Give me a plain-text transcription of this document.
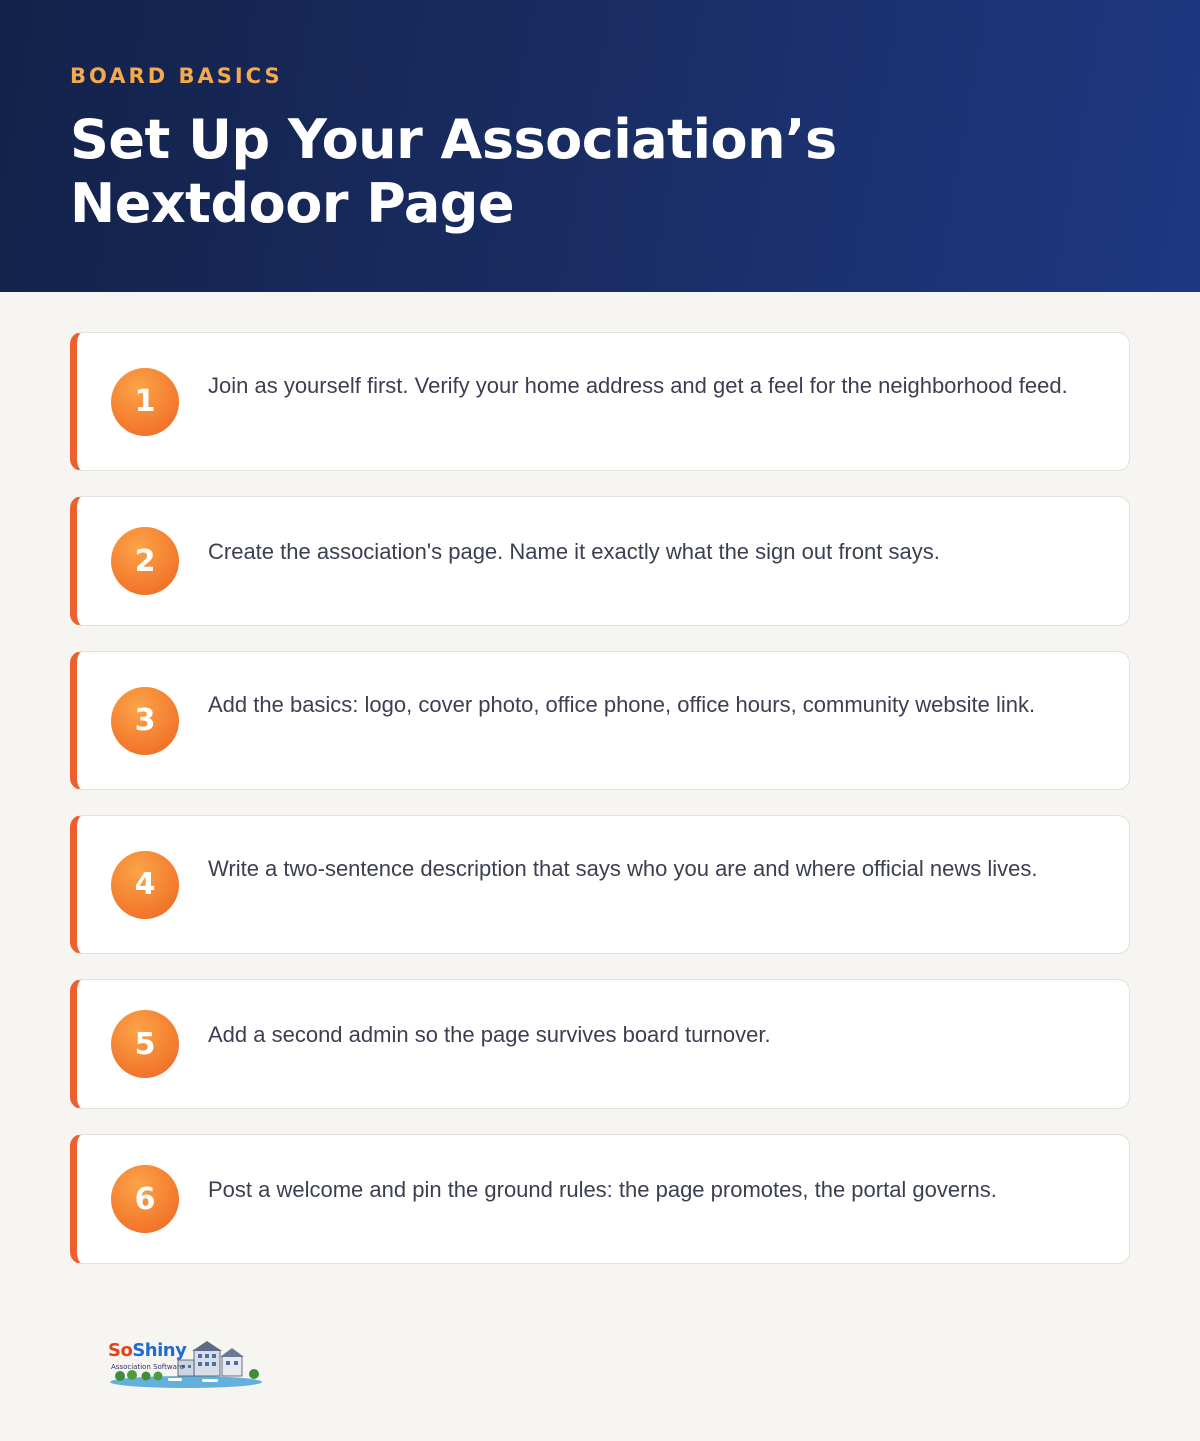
BOARD BASICS
Set Up Your Association’s Nextdoor Page
1	Join as yourself first. Verify your home address and get a feel for the neighborhood feed.
2	Create the association's page. Name it exactly what the sign out front says.
3	Add the basics: logo, cover photo, office phone, office hours, community website link.
4	Write a two-sentence description that says who you are and where official news lives.
5	Add a second admin so the page survives board turnover.
6	Post a welcome and pin the ground rules: the page promotes, the portal governs.
SoShiny
Association Software
